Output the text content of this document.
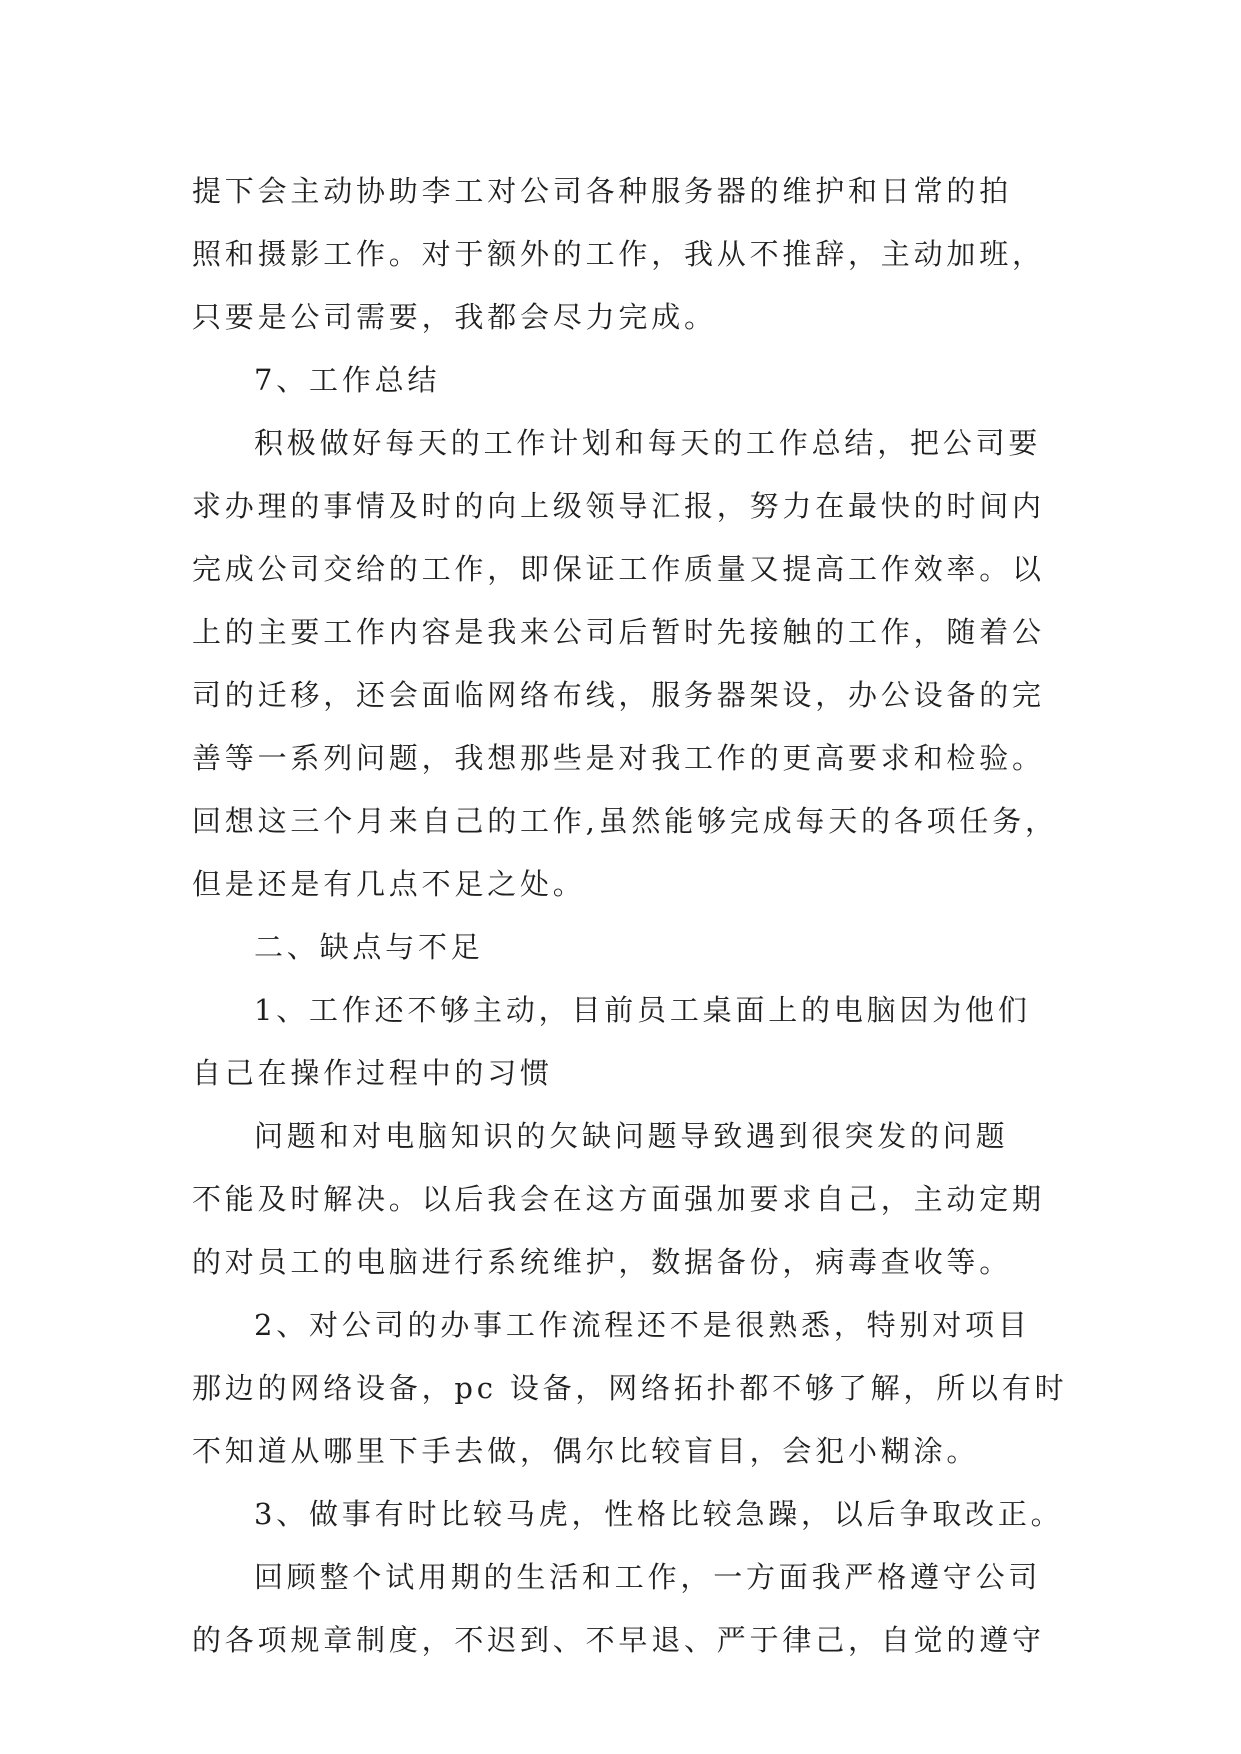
提下会主动协助李工对公司各种服务器的维护和日常的拍
照和摄影工作。对于额外的工作，我从不推辞，主动加班，
只要是公司需要，我都会尽力完成。
7、工作总结
积极做好每天的工作计划和每天的工作总结，把公司要
求办理的事情及时的向上级领导汇报，努力在最快的时间内
完成公司交给的工作，即保证工作质量又提高工作效率。以
上的主要工作内容是我来公司后暂时先接触的工作，随着公
司的迁移，还会面临网络布线，服务器架设，办公设备的完
善等一系列问题，我想那些是对我工作的更高要求和检验。
回想这三个月来自己的工作,虽然能够完成每天的各项任务，
但是还是有几点不足之处。
二、缺点与不足
1、工作还不够主动，目前员工桌面上的电脑因为他们
自己在操作过程中的习惯
问题和对电脑知识的欠缺问题导致遇到很突发的问题
不能及时解决。以后我会在这方面强加要求自己，主动定期
的对员工的电脑进行系统维护，数据备份，病毒查收等。
2、对公司的办事工作流程还不是很熟悉，特别对项目
那边的网络设备，pc 设备，网络拓扑都不够了解，所以有时
不知道从哪里下手去做，偶尔比较盲目，会犯小糊涂。
3、做事有时比较马虎，性格比较急躁，以后争取改正。
回顾整个试用期的生活和工作，一方面我严格遵守公司
的各项规章制度，不迟到、不早退、严于律己，自觉的遵守
